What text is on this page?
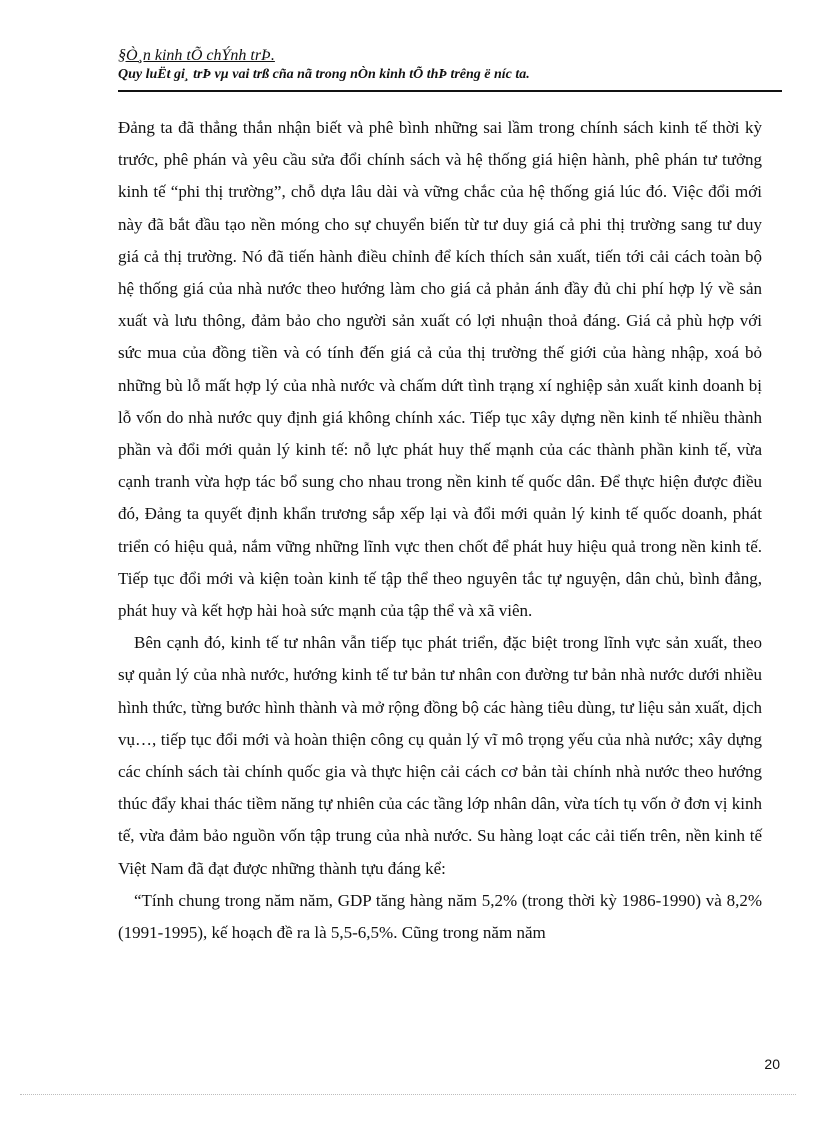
§Ò¸n kinh tÕ chÝnh trÞ.
Quy luËt gi¸ trÞ vµ vai trß cña nã trong nÒn kinh tÕ thÞ trêng ë níc ta.

Đảng ta đã thẳng thắn nhận biết và phê bình những sai lầm trong chính sách kinh tế thời kỳ trước, phê phán và yêu cầu sửa đổi chính sách và hệ thống giá hiện hành, phê phán tư tưởng kinh tế “phi thị trường”, chỗ dựa lâu dài và vững chắc của hệ thống giá lúc đó. Việc đổi mới này đã bắt đầu tạo nền móng cho sự chuyển biến từ tư duy giá cả phi thị trường sang tư duy giá cả thị trường. Nó đã tiến hành điều chỉnh để kích thích sản xuất, tiến tới cải cách toàn bộ hệ thống giá của nhà nước theo hướng làm cho giá cả phản ánh đầy đủ chi phí hợp lý về sản xuất và lưu thông, đảm bảo cho người sản xuất có lợi nhuận thoả đáng. Giá cả phù hợp với sức mua của đồng tiền và có tính đến giá cả của thị trường thế giới của hàng nhập, xoá bỏ những bù lỗ mất hợp lý của nhà nước và chấm dứt tình trạng xí nghiệp sản xuất kinh doanh bị lỗ vốn do nhà nước quy định giá không chính xác. Tiếp tục xây dựng nền kinh tế nhiều thành phần và đổi mới quản lý kinh tế: nỗ lực phát huy thế mạnh của các thành phần kinh tế, vừa cạnh tranh vừa hợp tác bổ sung cho nhau trong nền kinh tế quốc dân. Để thực hiện được điều đó, Đảng ta quyết định khẩn trương sắp xếp lại và đổi mới quản lý kinh tế quốc doanh, phát triển có hiệu quả, nắm vững những lĩnh vực then chốt để phát huy hiệu quả trong nền kinh tế. Tiếp tục đổi mới và kiện toàn kinh tế tập thể theo nguyên tắc tự nguyện, dân chủ, bình đẳng, phát huy và kết hợp hài hoà sức mạnh của tập thể và xã viên.

Bên cạnh đó, kinh tế tư nhân vẫn tiếp tục phát triển, đặc biệt trong lĩnh vực sản xuất, theo sự quản lý của nhà nước, hướng kinh tế tư bản tư nhân con đường tư bản nhà nước dưới nhiều hình thức, từng bước hình thành và mở rộng đồng bộ các hàng tiêu dùng, tư liệu sản xuất, dịch vụ…, tiếp tục đổi mới và hoàn thiện công cụ quản lý vĩ mô trọng yếu của nhà nước; xây dựng các chính sách tài chính quốc gia và thực hiện cải cách cơ bản tài chính nhà nước theo hướng thúc đẩy khai thác tiềm năng tự nhiên của các tầng lớp nhân dân, vừa tích tụ vốn ở đơn vị kinh tế, vừa đảm bảo nguồn vốn tập trung của nhà nước. Su hàng loạt các cải tiến trên, nền kinh tế Việt Nam đã đạt được những thành tựu đáng kể:

“Tính chung trong năm năm, GDP tăng hàng năm 5,2% (trong thời kỳ 1986-1990) và 8,2% (1991-1995), kế hoạch đề ra là 5,5-6,5%. Cũng trong năm năm

20
